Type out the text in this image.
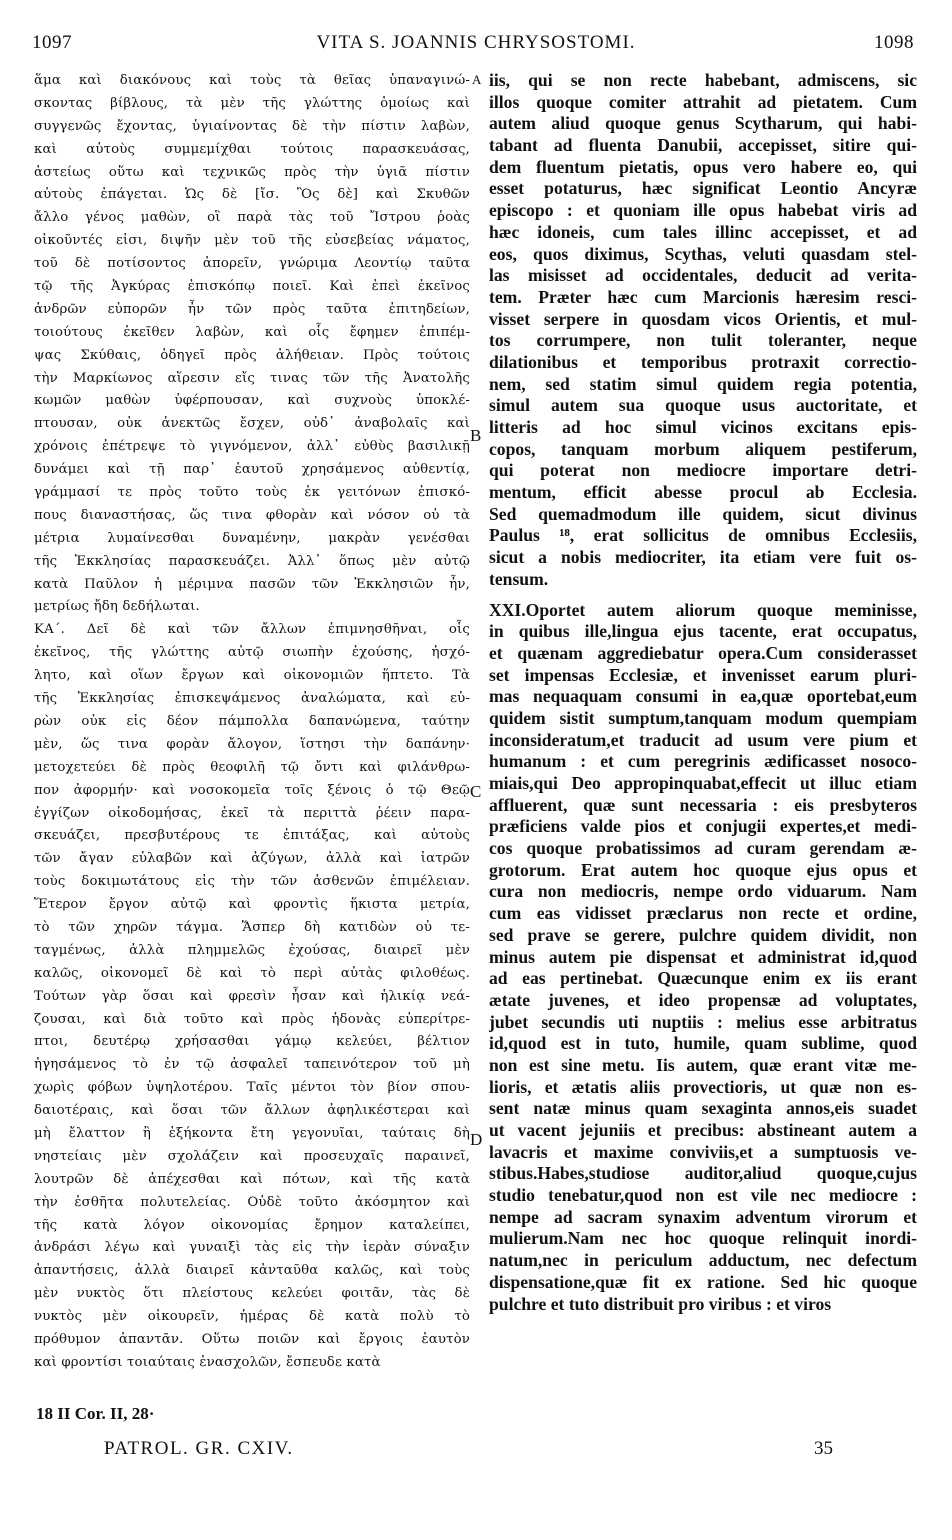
VITA S. JOANNIS CHRYSOSTOMI.
1097	1098
ἅμα καὶ διακόνους καὶ τοὺς τὰ θεῖας ὑπαναγινώ-
σκοντας βίβλους, τὰ μὲν τῆς γλώττης ὁμοίως καὶ
συγγενῶς ἔχοντας, ὑγιαίνοντας δὲ τὴν πίστιν λαβὼν,
καὶ αὐτοὺς συμμεμίχθαι τούτοις παρασκευάσας,
ἀστείως οὕτω καὶ τεχνικῶς πρὸς τὴν ὑγιᾶ πίστιν
αὐτοὺς ἐπάγεται. Ὡς δὲ [ἴσ. Ὃς δὲ] καὶ Σκυθῶν
ἄλλο γένος μαθὼν, οἳ παρὰ τὰς τοῦ Ἴστρου ῥοὰς
οἰκοῦντές εἰσι, διψῆν μὲν τοῦ τῆς εὐσεβείας νάματος,
τοῦ δὲ ποτίσοντος ἀπορεῖν, γνώριμα Λεοντίῳ ταῦτα
τῷ τῆς Ἀγκύρας ἐπισκόπῳ ποιεῖ. Καὶ ἐπεὶ ἐκεῖνος
ἀνδρῶν εὐπορῶν ἦν τῶν πρὸς ταῦτα ἐπιτηδείων,
τοιούτους ἐκεῖθεν λαβὼν, καὶ οἷς ἔφημεν ἐπιπέμ-
ψας Σκύθαις, ὁδηγεῖ πρὸς ἀλήθειαν. Πρὸς τούτοις
τὴν Μαρκίωνος αἵρεσιν εἴς τινας τῶν τῆς Ἀνατολῆς
κωμῶν μαθὼν ὑφέρπουσαν, καὶ συχνοὺς ὑποκλέ-
πτουσαν, οὐκ ἀνεκτῶς ἔσχεν, οὐδ᾽ ἀναβολαῖς καὶ
χρόνοις ἐπέτρεψε τὸ γιγνόμενον, ἀλλ᾽ εὐθὺς βασιλικῇ
δυνάμει καὶ τῇ παρ᾽ ἑαυτοῦ χρησάμενος αὐθεντίᾳ,
γράμμασί τε πρὸς τοῦτο τοὺς ἐκ γειτόνων ἐπισκό-
πους διαναστήσας, ὥς τινα φθορὰν καὶ νόσον οὐ τὰ
μέτρια λυμαίνεσθαι δυναμένην, μακρὰν γενέσθαι
τῆς Ἐκκλησίας παρασκευάζει. Ἀλλ᾽ ὅπως μὲν αὐτῷ
κατὰ Παῦλον ἡ μέριμνα πασῶν τῶν Ἐκκλησιῶν ἦν,
μετρίως ἤδη δεδήλωται.
ΚΑ΄. Δεῖ δὲ καὶ τῶν ἄλλων ἐπιμνησθῆναι, οἷς
ἐκεῖνος, τῆς γλώττης αὐτῷ σιωπὴν ἐχούσης, ἠσχό-
λητο, καὶ οἵων ἔργων καὶ οἰκονομιῶν ἥπτετο. Τὰ
τῆς Ἐκκλησίας ἐπισκεψάμενος ἀναλώματα, καὶ εὑ-
ρὼν οὐκ εἰς δέον πάμπολλα δαπανώμενα, ταύτην
μὲν, ὥς τινα φορὰν ἄλογον, ἵστησι τὴν δαπάνην·
μετοχετεύει δὲ πρὸς θεοφιλῆ τῷ ὄντι καὶ φιλάνθρω-
πον ἀφορμήν· καὶ νοσοκομεῖα τοῖς ξένοις ὁ τῷ Θεῷ
ἐγγίζων οἰκοδομήσας, ἐκεῖ τὰ περιττὰ ῥέειν παρα-
σκευάζει, πρεσβυτέρους τε ἐπιτάξας, καὶ αὐτοὺς
τῶν ἄγαν εὐλαβῶν καὶ ἀζύγων, ἀλλὰ καὶ ἰατρῶν
τοὺς δοκιμωτάτους εἰς τὴν τῶν ἀσθενῶν ἐπιμέλειαν.
Ἕτερον ἔργον αὐτῷ καὶ φροντὶς ἥκιστα μετρία,
τὸ τῶν χηρῶν τάγμα. Ἅσπερ δὴ κατιδὼν οὐ τε-
ταγμένως, ἀλλὰ πλημμελῶς ἐχούσας, διαιρεῖ μὲν
καλῶς, οἰκονομεῖ δὲ καὶ τὸ περὶ αὐτὰς φιλοθέως.
Τούτων γὰρ ὅσαι καὶ φρεσὶν ἦσαν καὶ ἡλικίᾳ νεά-
ζουσαι, καὶ διὰ τοῦτο καὶ πρὸς ἡδονὰς εὐπερίτρε-
πτοι, δευτέρῳ χρήσασθαι γάμῳ κελεύει, βέλτιον
ἡγησάμενος τὸ ἐν τῷ ἀσφαλεῖ ταπεινότερον τοῦ μὴ
χωρὶς φόβων ὑψηλοτέρου. Ταῖς μέντοι τὸν βίον σπου-
δαιοτέραις, καὶ ὅσαι τῶν ἄλλων ἀφηλικέστεραι καὶ
μὴ ἔλαττον ἢ ἑξήκοντα ἔτη γεγονυῖαι, ταύταις δὴ
νηστείαις μὲν σχολάζειν καὶ προσευχαῖς παραινεῖ,
λουτρῶν δὲ ἀπέχεσθαι καὶ πότων, καὶ τῆς κατὰ
τὴν ἐσθῆτα πολυτελείας. Οὐδὲ τοῦτο ἀκόσμητον καὶ
τῆς κατὰ λόγον οἰκονομίας ἔρημον καταλείπει,
ἀνδράσι λέγω καὶ γυναιξὶ τὰς εἰς τὴν ἱερὰν σύναξιν
ἀπαντήσεις, ἀλλὰ διαιρεῖ κἀνταῦθα καλῶς, καὶ τοὺς
μὲν νυκτὸς ὅτι πλείστους κελεύει φοιτᾶν, τὰς δὲ
νυκτὸς μὲν οἰκουρεῖν, ἡμέρας δὲ κατὰ πολὺ τὸ
πρόθυμον ἀπαντᾶν. Οὕτω ποιῶν καὶ ἔργοις ἑαυτὸν
καὶ φροντίσι τοιαύταις ἐνασχολῶν, ἔσπευδε κατὰ
iis, qui se non recte habebant, admiscens, sic
illos quoque comiter attrahit ad pietatem. Cum
autem aliud quoque genus Scytharum, qui habi-
tabant ad fluenta Danubii, accepisset, sitire qui-
dem fluentum pietatis, opus vero habere eo, qui
esset potaturus, hæc significat Leontio Ancyræ
episcopo : et quoniam ille opus habebat viris ad
hæc idoneis, cum tales illinc accepisset, et ad
eos, quos diximus, Scythas, veluti quasdam stel-
las misisset ad occidentales, deducit ad verita-
tem. Præter hæc cum Marcionis hæresim resci-
visset serpere in quosdam vicos Orientis, et mul-
tos corrumpere, non tulit toleranter, neque
dilationibus et temporibus protraxit correctio-
nem, sed statim simul quidem regia potentia,
simul autem sua quoque usus auctoritate, et
litteris ad hoc simul vicinos excitans epis-
copos, tanquam morbum aliquem pestiferum,
qui poterat non mediocre importare detri-
mentum, efficit abesse procul ab Ecclesia.
Sed quemadmodum ille quidem, sicut divinus
Paulus ¹⁸, erat sollicitus de omnibus Ecclesiis,
sicut a nobis mediocriter, ita etiam vere fuit os-
tensum.
XXI.Oportet autem aliorum quoque meminisse,
in quibus ille,lingua ejus tacente, erat occupatus,
et quænam aggrediebatur opera.Cum considerasset
set impensas Ecclesiæ, et invenisset earum pluri-
mas nequaquam consumi in ea,quæ oportebat,eum
quidem sistit sumptum,tanquam modum quempiam
inconsideratum,et traducit ad usum vere pium et
humanum : et cum peregrinis ædificasset nosoco-
miais,qui Deo appropinquabat,effecit ut illuc etiam
affluerent, quæ sunt necessaria : eis presbyteros
præficiens valde pios et conjugii expertes,et medi-
cos quoque probatissimos ad curam gerendam æ-
grotorum. Erat autem hoc quoque ejus opus et
cura non mediocris, nempe ordo viduarum. Nam
cum eas vidisset præclarus non recte et ordine,
sed prave se gerere, pulchre quidem dividit, non
minus autem pie dispensat et administrat id,quod
ad eas pertinebat. Quæcunque enim ex iis erant
ætate juvenes, et ideo propensæ ad voluptates,
jubet secundis uti nuptiis : melius esse arbitratus
id,quod est in tuto, humile, quam sublime, quod
non est sine metu. Iis autem, quæ erant vitæ me-
lioris, et ætatis aliis provectioris, ut quæ non es-
sent natæ minus quam sexaginta annos,eis suadet
ut vacent jejuniis et precibus: abstineant autem a
lavacris et maxime conviviis,et a sumptuosis ve-
stibus.Habes,studiose auditor,aliud quoque,cujus
studio tenebatur,quod non est vile nec mediocre :
nempe ad sacram synaxim adventum virorum et
mulierum.Nam nec hoc quoque relinquit inordi-
natum,nec in periculum adductum, nec defectum
dispensatione,quæ fit ex ratione. Sed hic quoque
pulchre et tuto distribuit pro viribus : et viros
A
B
C
D
18 II Cor. II, 28·
PATROL. GR. CXIV.	35
